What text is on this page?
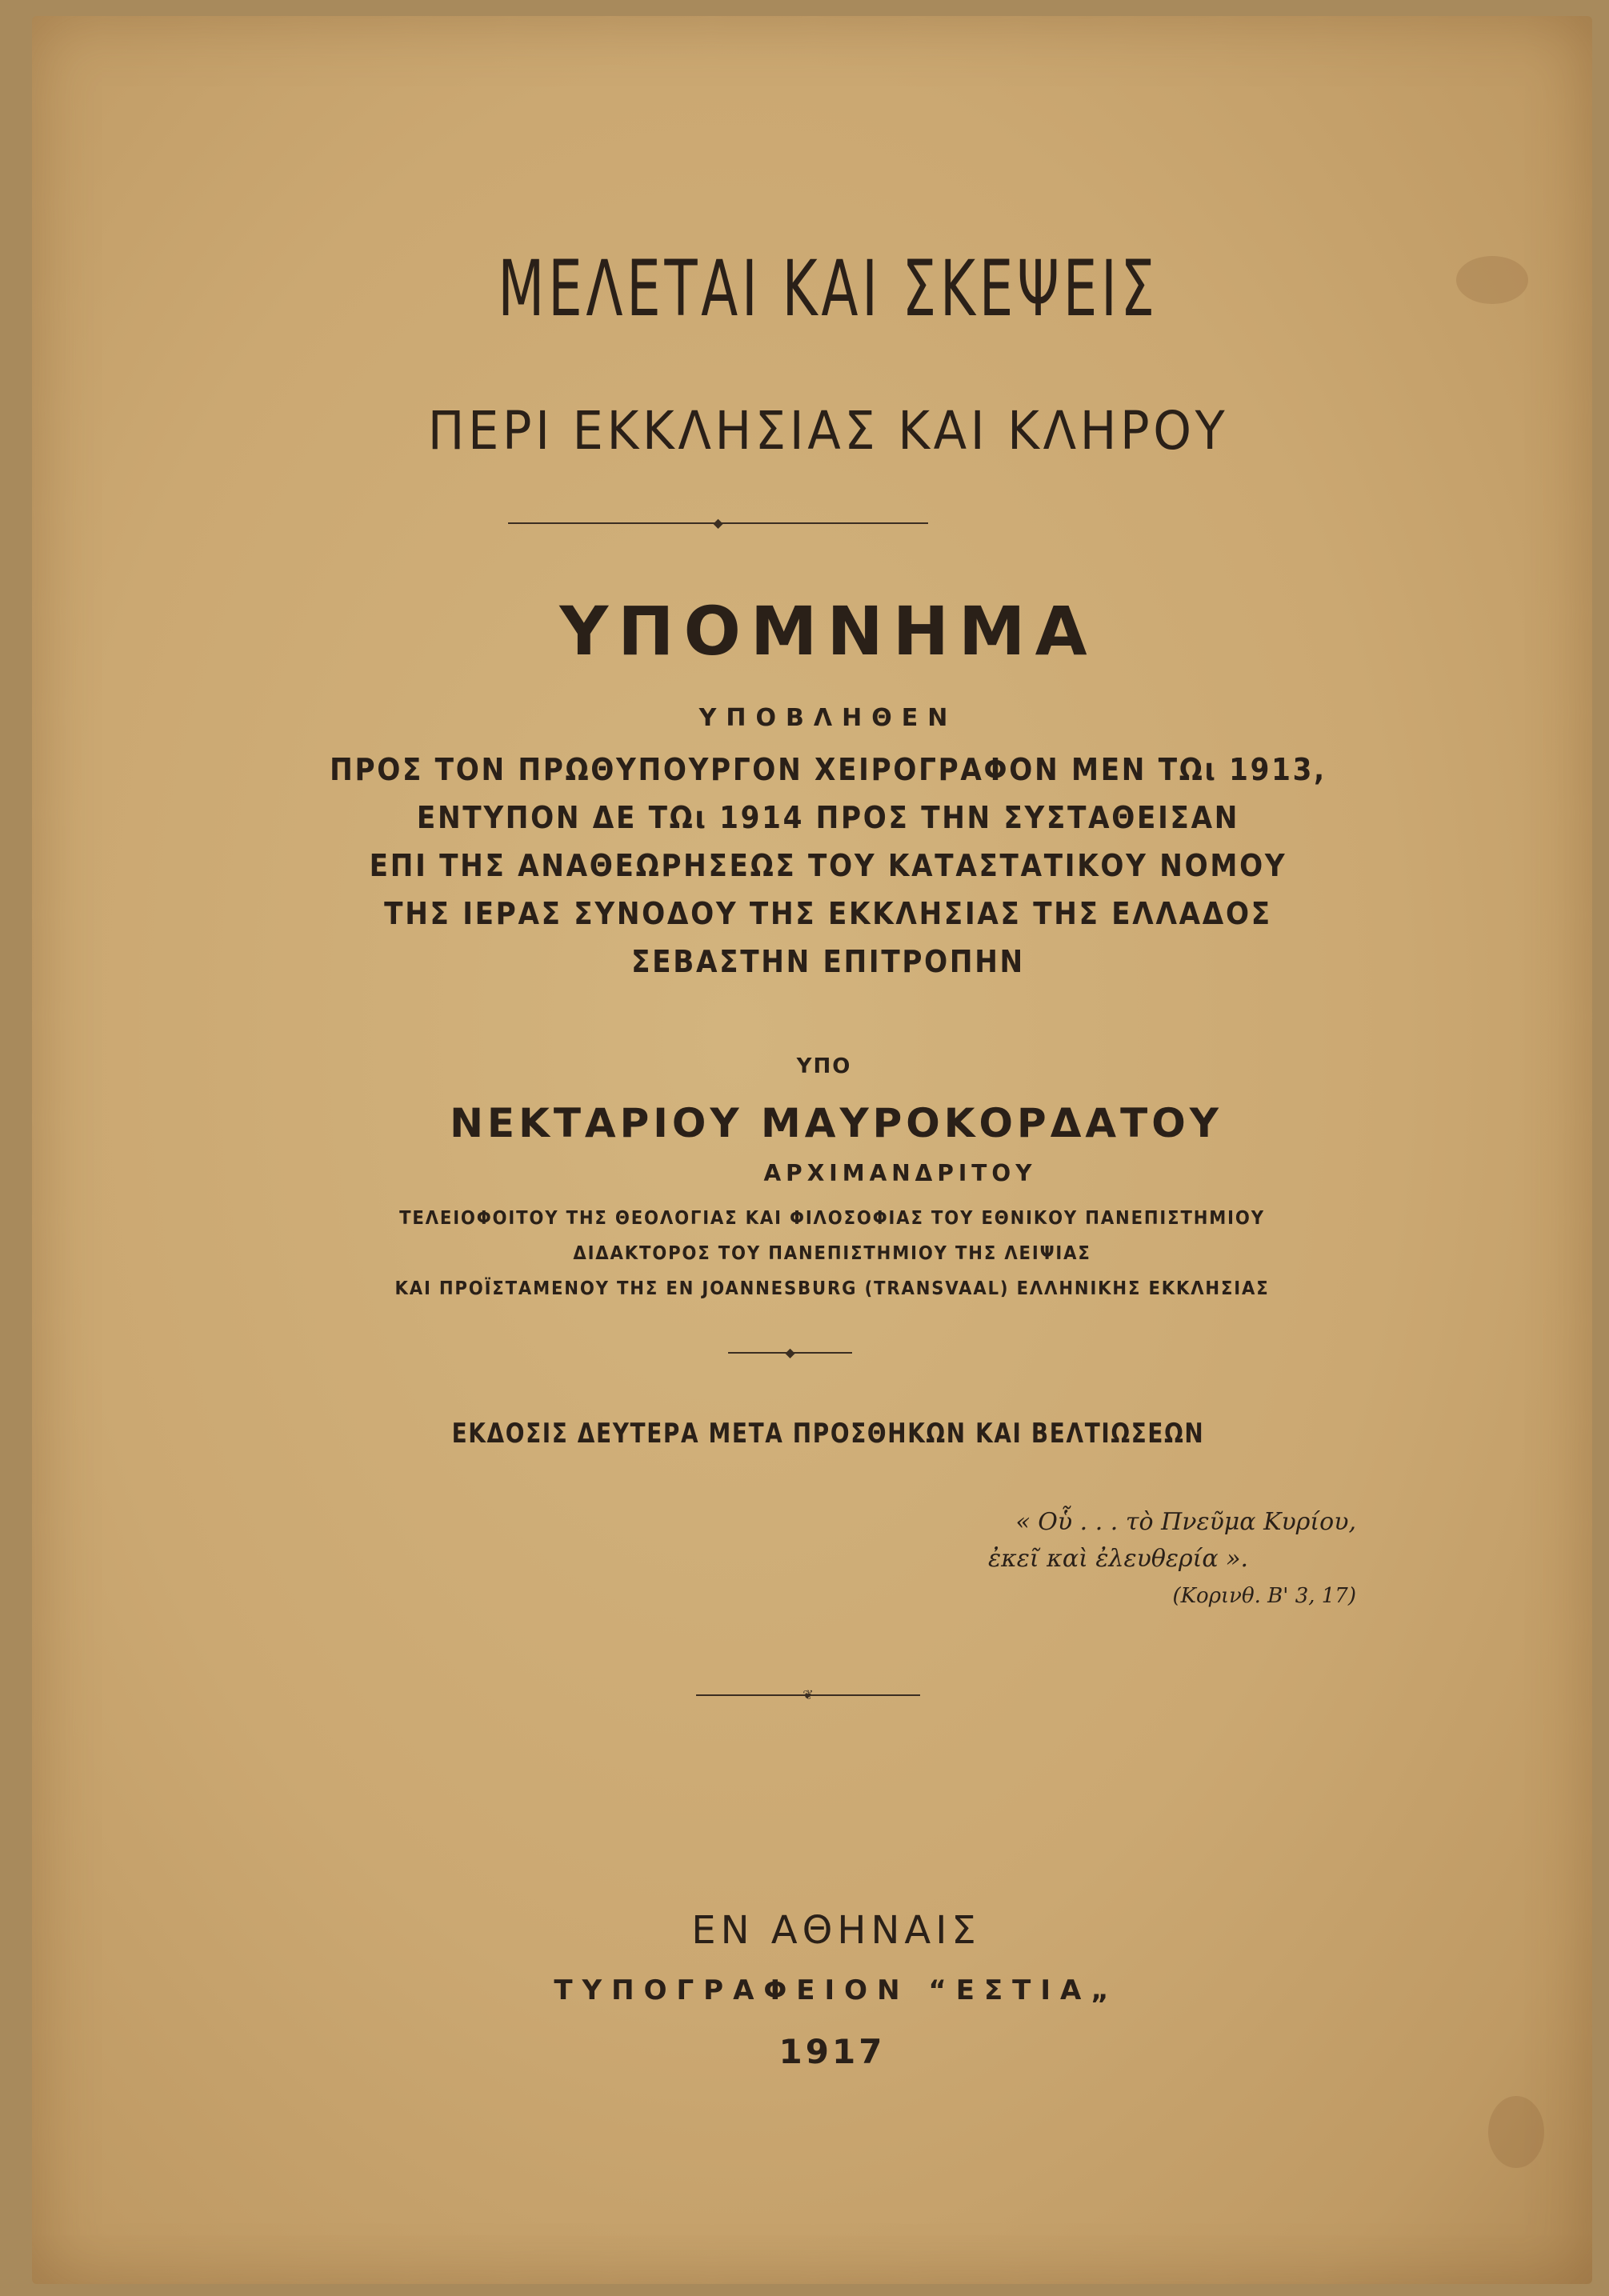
ΜΕΛΕΤΑΙ ΚΑΙ ΣΚΕΨΕΙΣ
ΠΕΡΙ ΕΚΚΛΗΣΙΑΣ ΚΑΙ ΚΛΗΡΟΥ
◆
ΥΠΟΜΝΗΜΑ
ΥΠΟΒΛΗΘΕΝ
ΠΡΟΣ ΤΟΝ ΠΡΩΘΥΠΟΥΡΓΟΝ ΧΕΙΡΟΓΡΑΦΟΝ ΜΕΝ ΤΩι 1913,
ΕΝΤΥΠΟΝ ΔΕ ΤΩι 1914 ΠΡΟΣ ΤΗΝ ΣΥΣΤΑΘΕΙΣΑΝ
ΕΠΙ ΤΗΣ ΑΝΑΘΕΩΡΗΣΕΩΣ ΤΟΥ ΚΑΤΑΣΤΑΤΙΚΟΥ ΝΟΜΟΥ
ΤΗΣ ΙΕΡΑΣ ΣΥΝΟΔΟΥ ΤΗΣ ΕΚΚΛΗΣΙΑΣ ΤΗΣ ΕΛΛΑΔΟΣ
ΣΕΒΑΣΤΗΝ ΕΠΙΤΡΟΠΗΝ
ΥΠΟ
ΝΕΚΤΑΡΙΟΥ ΜΑΥΡΟΚΟΡΔΑΤΟΥ
ΑΡΧΙΜΑΝΔΡΙΤΟΥ
ΤΕΛΕΙΟΦΟΙΤΟΥ ΤΗΣ ΘΕΟΛΟΓΙΑΣ ΚΑΙ ΦΙΛΟΣΟΦΙΑΣ ΤΟΥ ΕΘΝΙΚΟΥ ΠΑΝΕΠΙΣΤΗΜΙΟΥ
ΔΙΔΑΚΤΟΡΟΣ ΤΟΥ ΠΑΝΕΠΙΣΤΗΜΙΟΥ ΤΗΣ ΛΕΙΨΙΑΣ
ΚΑΙ ΠΡΟΪΣΤΑΜΕΝΟΥ ΤΗΣ ΕΝ JOANNESBURG (TRANSVAAL) ΕΛΛΗΝΙΚΗΣ ΕΚΚΛΗΣΙΑΣ
◆
ΕΚΔΟΣΙΣ ΔΕΥΤΕΡΑ ΜΕΤΑ ΠΡΟΣΘΗΚΩΝ ΚΑΙ ΒΕΛΤΙΩΣΕΩΝ
« Οὗ . . . τὸ Πνεῦμα Κυρίου,
ἐκεῖ καὶ ἐλευθερία ».
(Κορινθ. Β' 3, 17)
❦
ΕΝ ΑΘΗΝΑΙΣ
ΤΥΠΟΓΡΑΦΕΙΟΝ “ΕΣΤΙΑ„
1917
